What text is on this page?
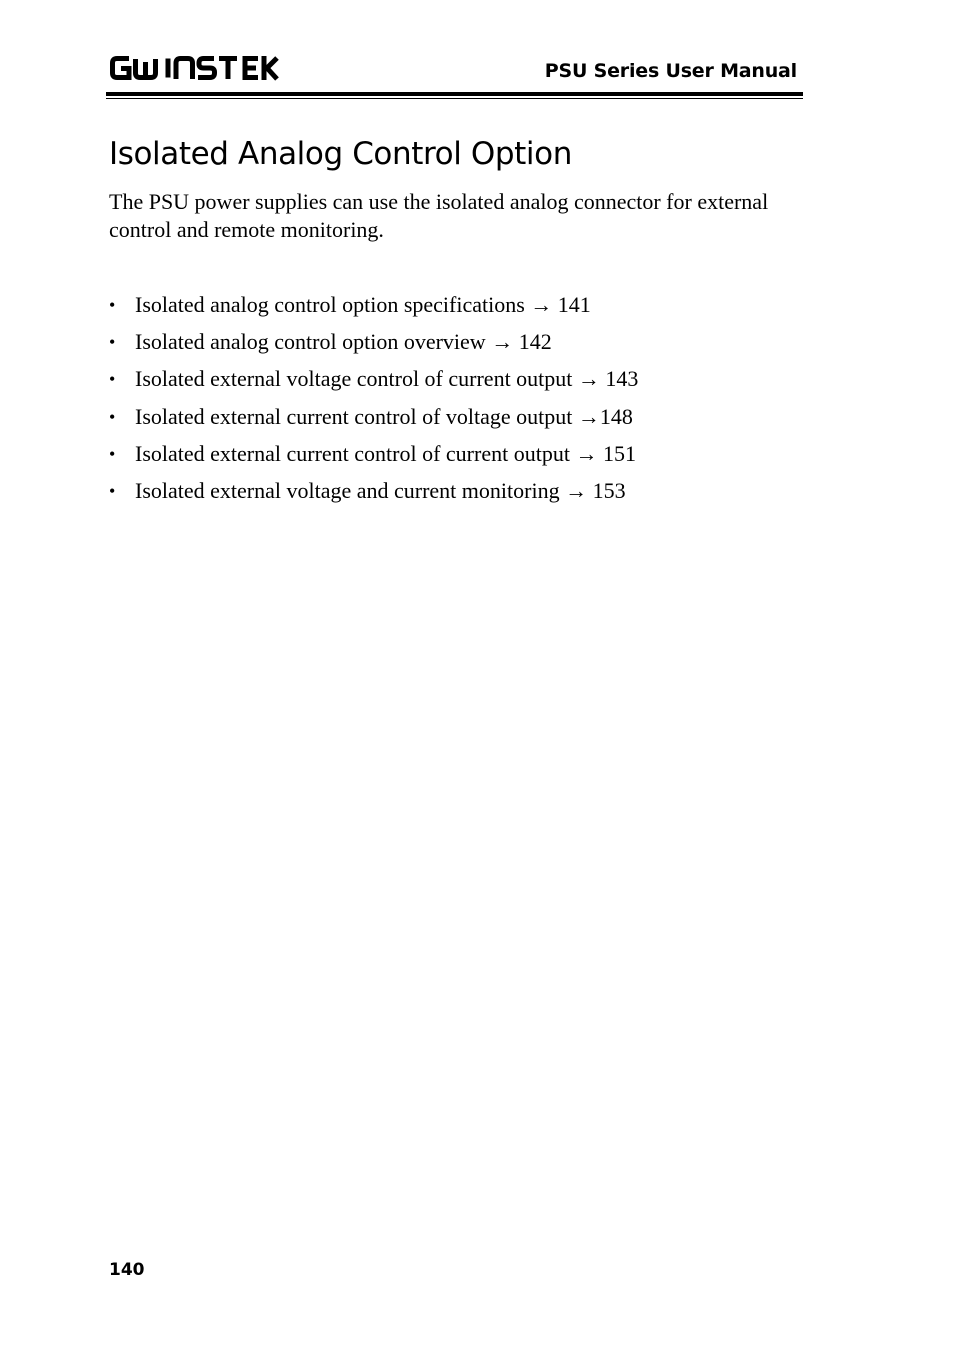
PSU Series User Manual
Isolated Analog Control Option

The PSU power supplies can use the isolated analog connector for external control and remote monitoring.

• Isolated analog control option specifications → 141
• Isolated analog control option overview → 142
• Isolated external voltage control of current output → 143
• Isolated external current control of voltage output →148
• Isolated external current control of current output → 151
• Isolated external voltage and current monitoring → 153
140
